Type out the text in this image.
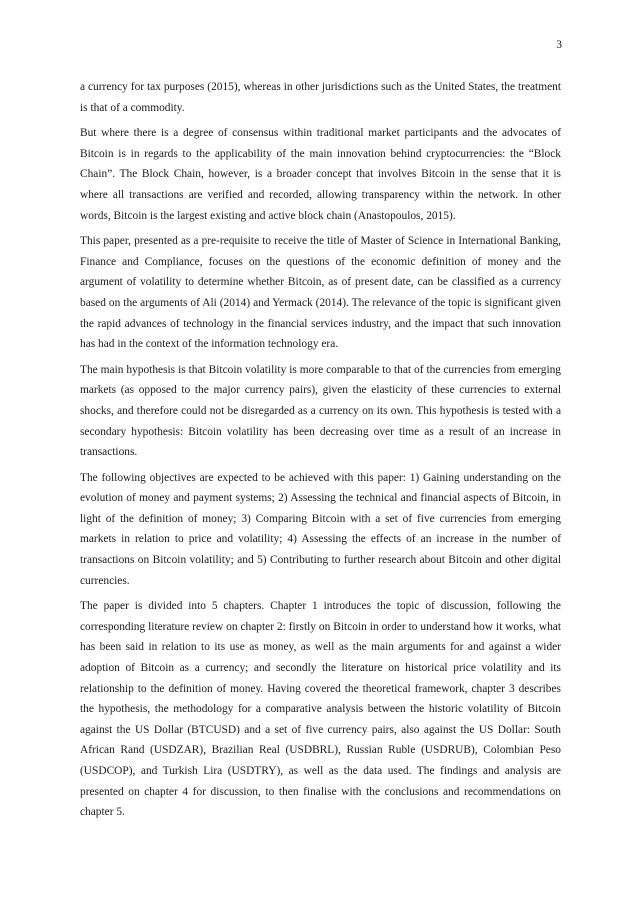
3

a currency for tax purposes (2015), whereas in other jurisdictions such as the United States, the treatment is that of a commodity.

But where there is a degree of consensus within traditional market participants and the advocates of Bitcoin is in regards to the applicability of the main innovation behind cryptocurrencies: the “Block Chain”. The Block Chain, however, is a broader concept that involves Bitcoin in the sense that it is where all transactions are verified and recorded, allowing transparency within the network. In other words, Bitcoin is the largest existing and active block chain (Anastopoulos, 2015).

This paper, presented as a pre-requisite to receive the title of Master of Science in International Banking, Finance and Compliance, focuses on the questions of the economic definition of money and the argument of volatility to determine whether Bitcoin, as of present date, can be classified as a currency based on the arguments of Ali (2014) and Yermack (2014). The relevance of the topic is significant given the rapid advances of technology in the financial services industry, and the impact that such innovation has had in the context of the information technology era.

The main hypothesis is that Bitcoin volatility is more comparable to that of the currencies from emerging markets (as opposed to the major currency pairs), given the elasticity of these currencies to external shocks, and therefore could not be disregarded as a currency on its own. This hypothesis is tested with a secondary hypothesis: Bitcoin volatility has been decreasing over time as a result of an increase in transactions.

The following objectives are expected to be achieved with this paper: 1) Gaining understanding on the evolution of money and payment systems; 2) Assessing the technical and financial aspects of Bitcoin, in light of the definition of money; 3) Comparing Bitcoin with a set of five currencies from emerging markets in relation to price and volatility; 4) Assessing the effects of an increase in the number of transactions on Bitcoin volatility; and 5) Contributing to further research about Bitcoin and other digital currencies.

The paper is divided into 5 chapters. Chapter 1 introduces the topic of discussion, following the corresponding literature review on chapter 2: firstly on Bitcoin in order to understand how it works, what has been said in relation to its use as money, as well as the main arguments for and against a wider adoption of Bitcoin as a currency; and secondly the literature on historical price volatility and its relationship to the definition of money. Having covered the theoretical framework, chapter 3 describes the hypothesis, the methodology for a comparative analysis between the historic volatility of Bitcoin against the US Dollar (BTCUSD) and a set of five currency pairs, also against the US Dollar: South African Rand (USDZAR), Brazilian Real (USDBRL), Russian Ruble (USDRUB), Colombian Peso (USDCOP), and Turkish Lira (USDTRY), as well as the data used. The findings and analysis are presented on chapter 4 for discussion, to then finalise with the conclusions and recommendations on chapter 5.
